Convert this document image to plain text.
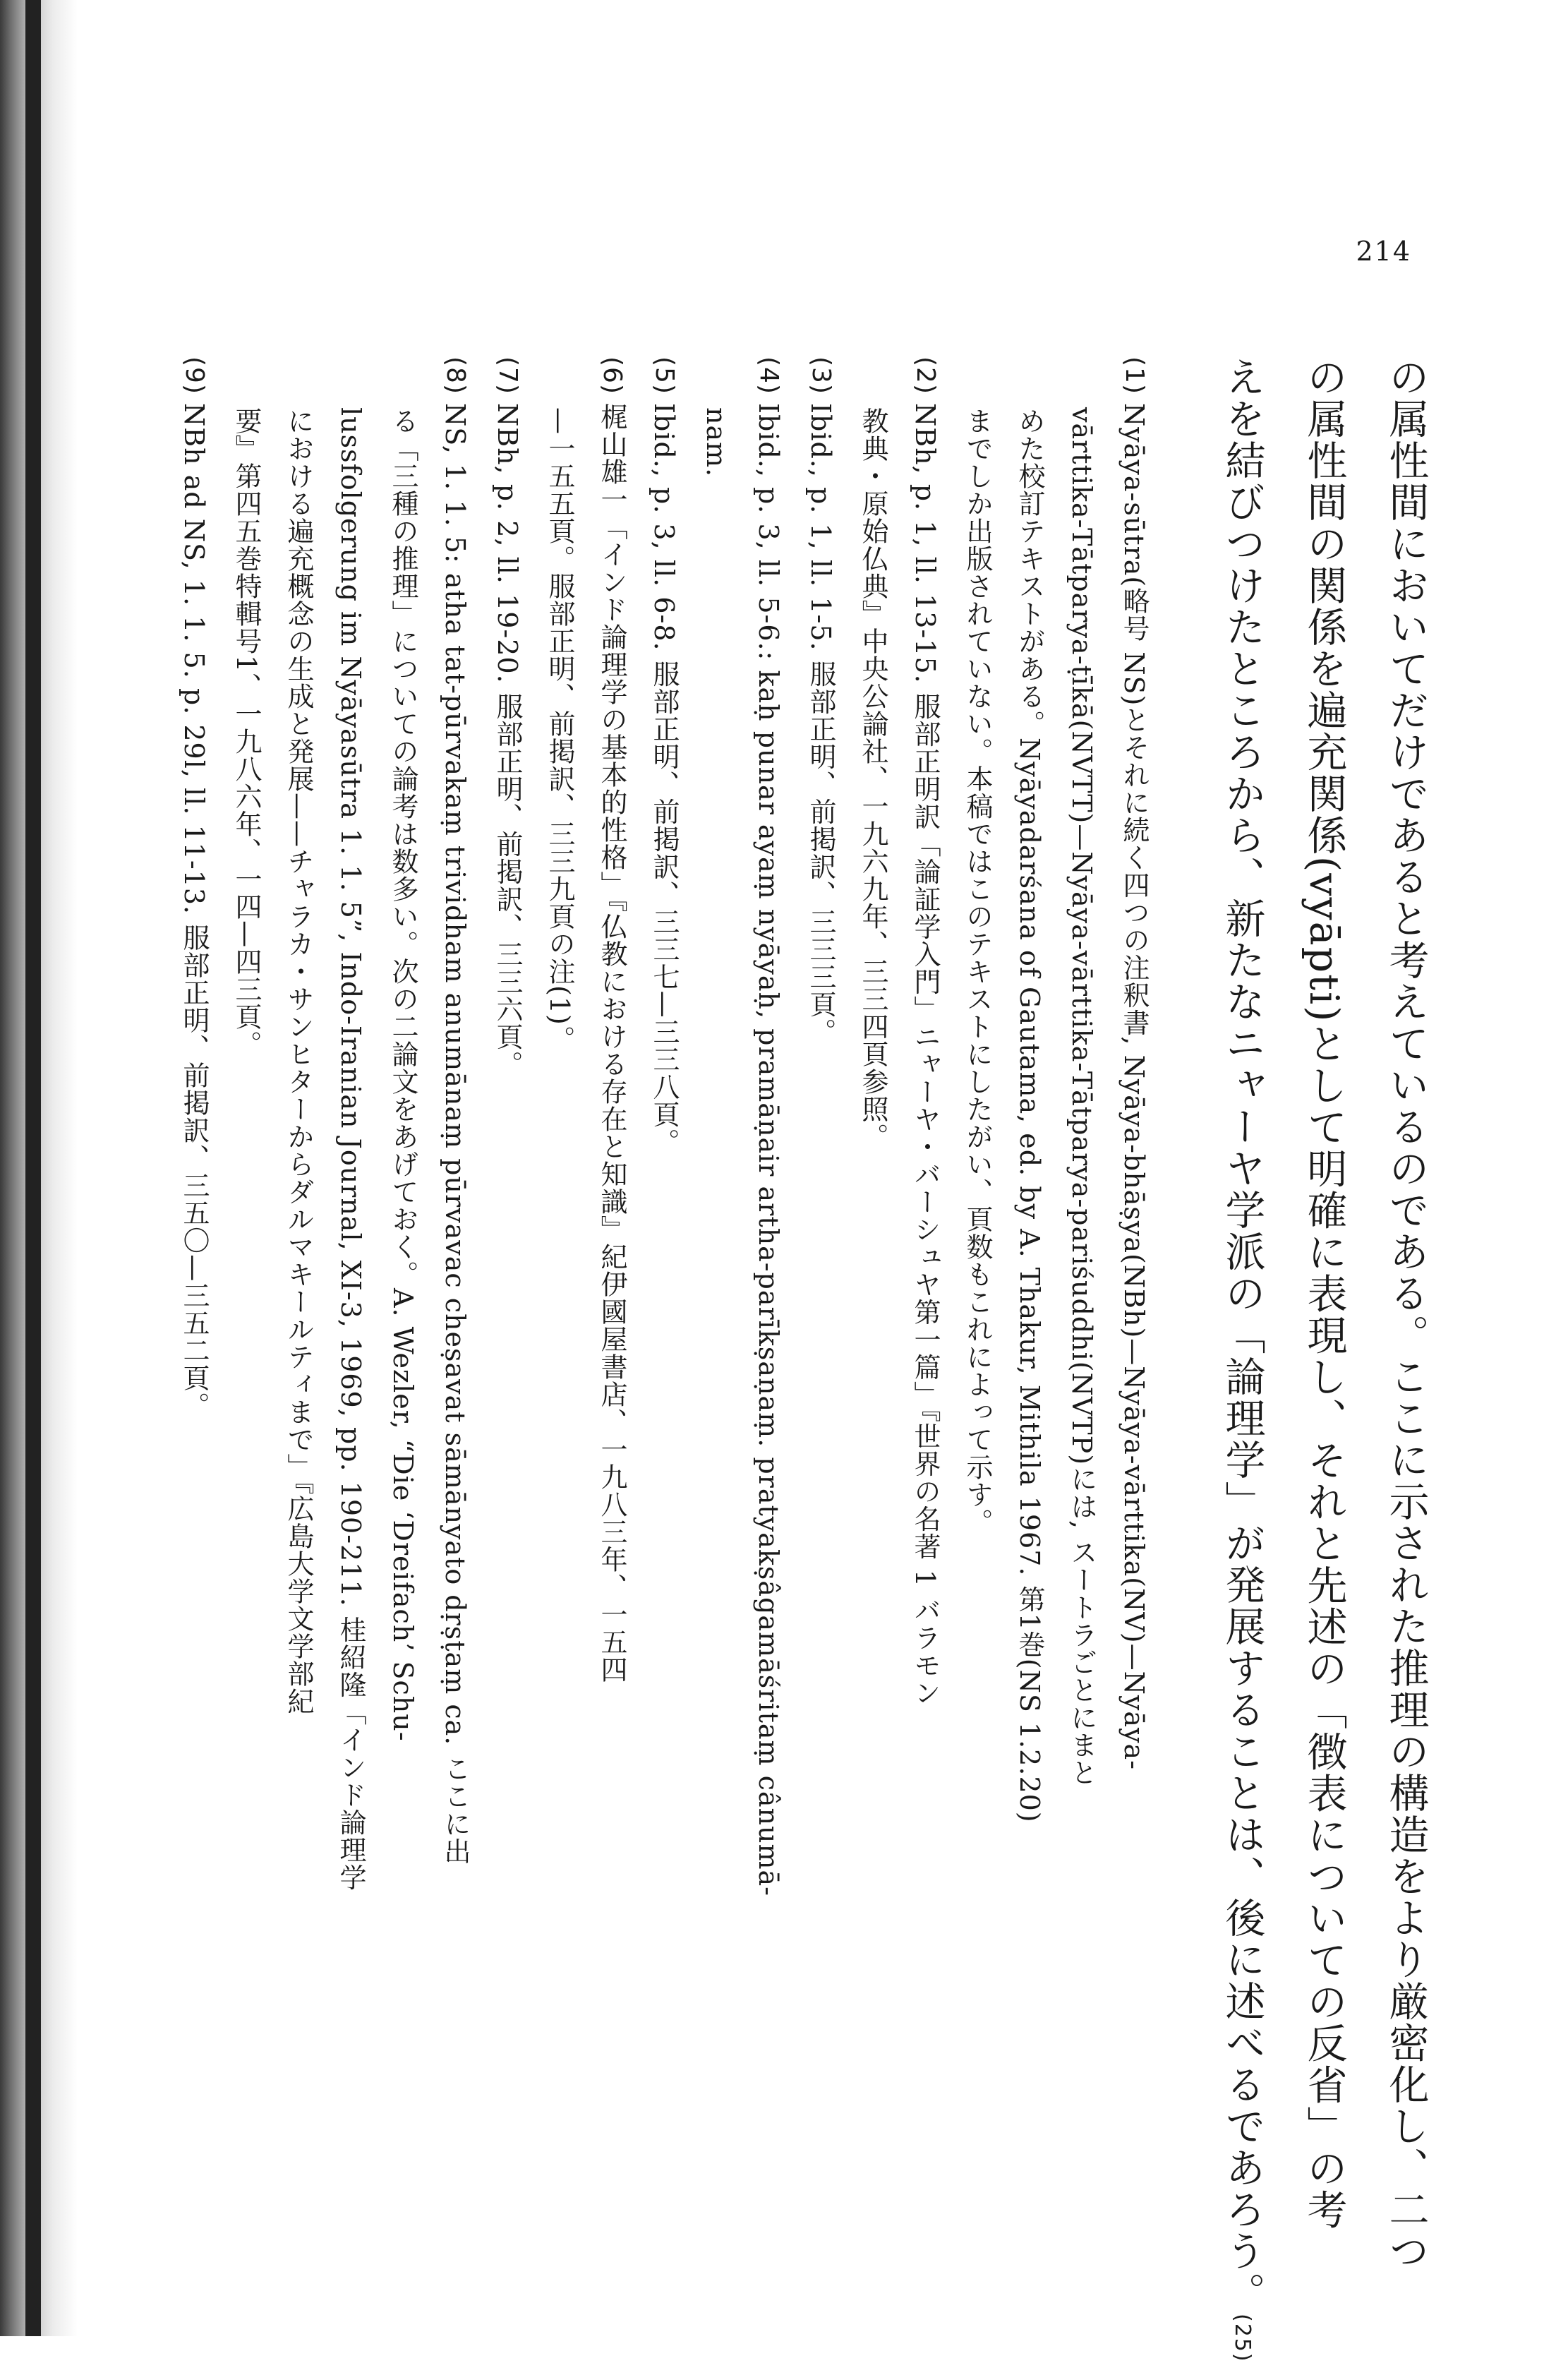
214
の属性間においてだけであると考えているのである。ここに示された推理の構造をより厳密化し、二つ
の属性間の関係を遍充関係(vyāpti)として明確に表現し、それと先述の「徴表についての反省」の考
えを結びつけたところから、新たなニャーヤ学派の「論理学」が発展することは、後に述べるであろう。(25)
(1)Nyāya-sūtra(略号 NS)とそれに続く四つの注釈書, Nyāya-bhāṣya(NBh)—Nyāya-vārttika(NV)—Nyāya-
vārttika-Tātparya-ṭīkā(NVTT)—Nyāya-vārttika-Tātparya-pariśuddhi(NVTP)には, スートラごとにまと
めた校訂テキストがある。Nyāyadarśana of Gautama, ed. by A. Thakur, Mithila 1967. 第1巻(NS 1.2.20)
までしか出版されていない。本稿ではこのテキストにしたがい、頁数もこれによって示す。
(2)NBh, p. 1, ll. 13-15. 服部正明訳「論証学入門」ニャーヤ・バーシュヤ第一篇」『世界の名著 1 バラモン
教典・原始仏典』中央公論社、一九六九年、三三四頁参照。
(3)Ibid., p. 1, ll. 1-5. 服部正明、前掲訳、三三三頁。
(4)Ibid., p. 3, ll. 5-6.: kaḥ punar ayaṃ nyāyaḥ, pramāṇair artha-parīkṣaṇaṃ. pratyakṣâgamāśritaṃ cânumā-
nam.
(5)Ibid., p. 3, ll. 6-8. 服部正明、前掲訳、三三七—三三八頁。
(6)梶山雄一「インド論理学の基本的性格」『仏教における存在と知識』紀伊國屋書店、一九八三年、一五四
—一五五頁。服部正明、前掲訳、三三九頁の注(1)。
(7)NBh, p. 2, ll. 19-20. 服部正明、前掲訳、三三六頁。
(8)NS, 1. 1. 5: atha tat-pūrvakaṃ trividham anumānaṃ pūrvavac cheṣavat sāmānyato dṛṣṭaṃ ca. ここに出
る「三種の推理」についての論考は数多い。次の二論文をあげておく。A. Wezler, “Die ‘Dreifach’ Schu-
lussfolgerung im Nyāyasūtra 1. 1. 5”, Indo-Iranian Journal, XI-3, 1969, pp. 190-211. 桂紹隆「インド論理学
における遍充概念の生成と発展——チャラカ・サンヒターからダルマキールティまで」『広島大学文学部紀
要』第四五巻特輯号1、一九八六年、一四—四三頁。
(9)NBh ad NS, 1. 1. 5. p. 29l, ll. 11-13. 服部正明、前掲訳、三五〇—三五二頁。
